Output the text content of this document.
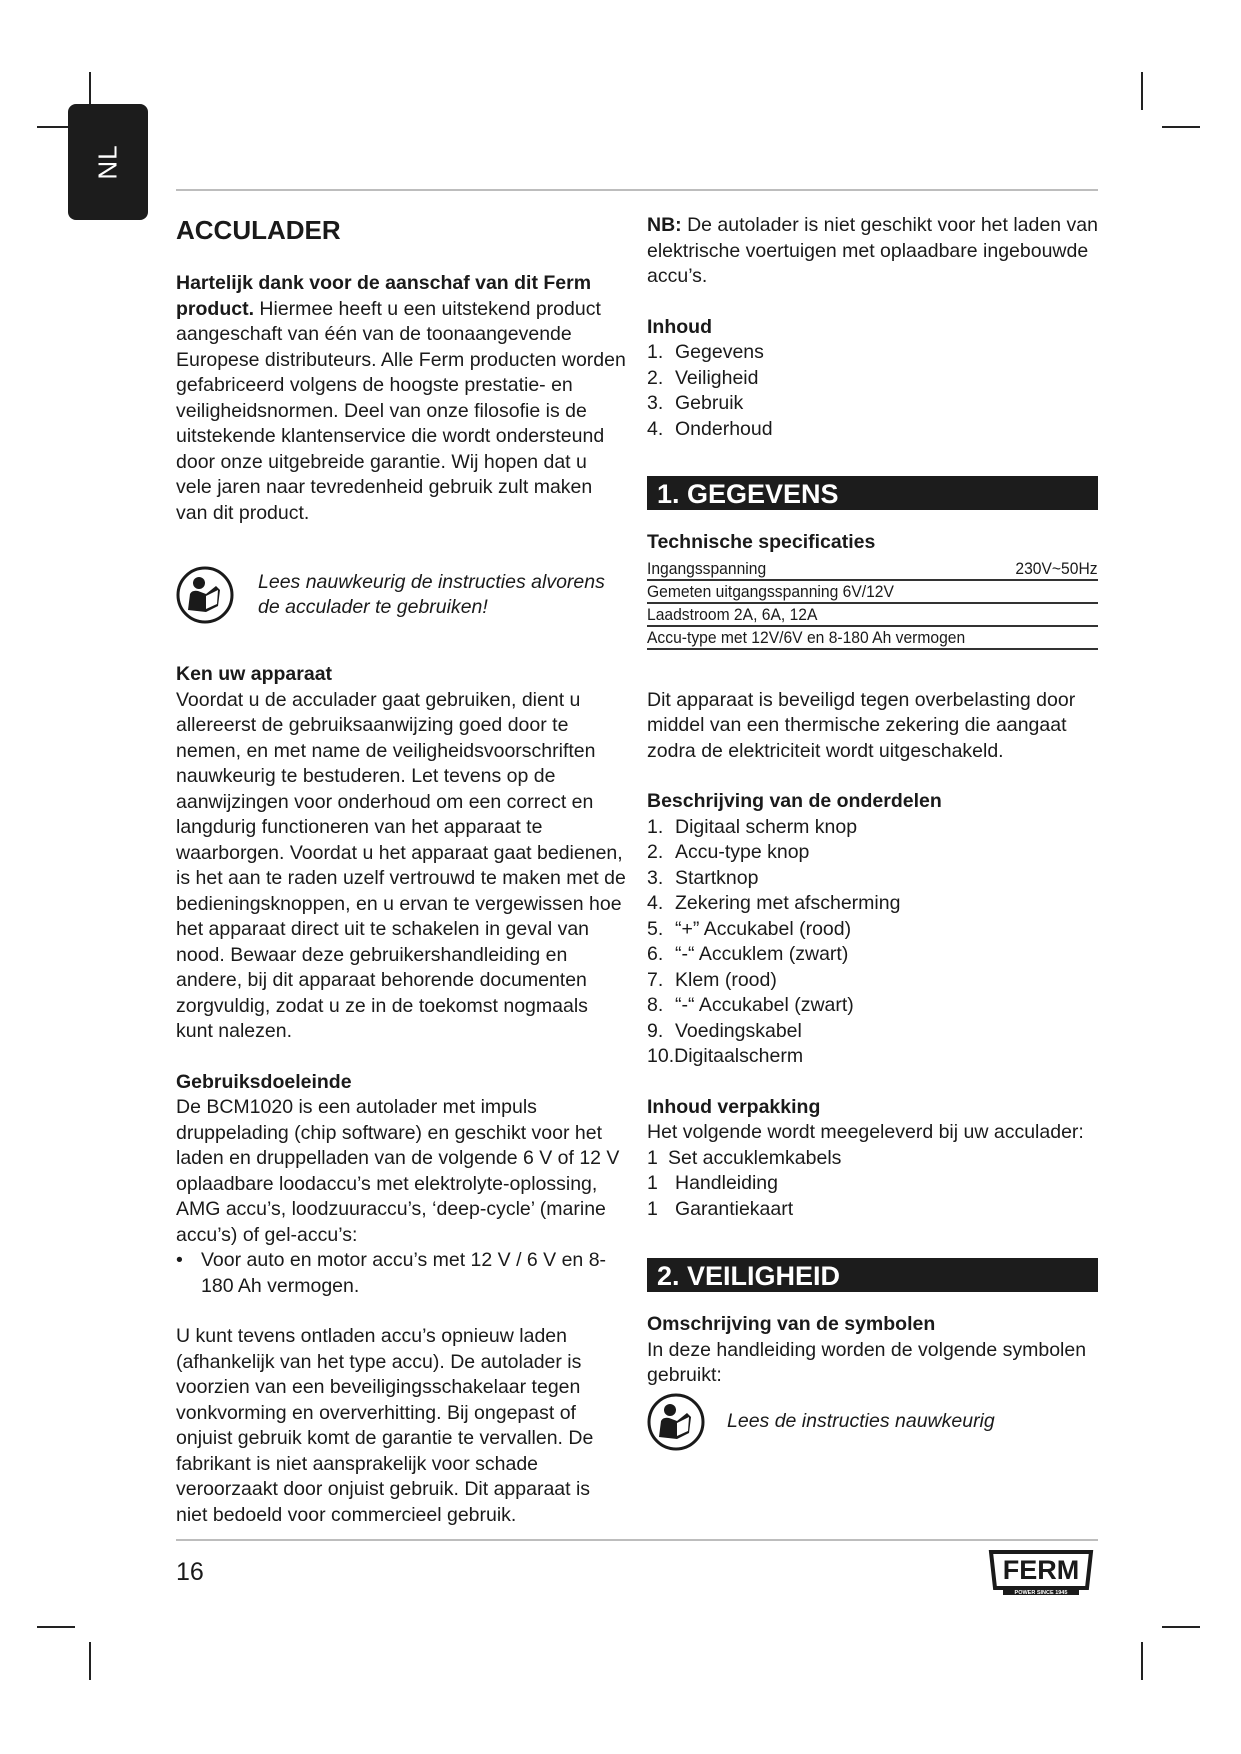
NL
ACCULADER

Hartelijk dank voor de aanschaf van dit Ferm product. Hiermee heeft u een uitstekend product aangeschaft van één van de toonaangevende Europese distributeurs. Alle Ferm producten worden gefabriceerd volgens de hoogste prestatie- en veiligheidsnormen. Deel van onze filosofie is de uitstekende klantenservice die wordt ondersteund door onze uitgebreide garantie. Wij hopen dat u vele jaren naar tevredenheid gebruik zult maken van dit product.

Lees nauwkeurig de instructies alvorens de acculader te gebruiken!
Ken uw apparaat

Voordat u de acculader gaat gebruiken, dient u allereerst de gebruiksaanwijzing goed door te nemen, en met name de veiligheidsvoorschriften nauwkeurig te bestuderen. Let tevens op de aanwijzingen voor onderhoud om een correct en langdurig functioneren van het apparaat te waarborgen. Voordat u het apparaat gaat bedienen, is het aan te raden uzelf vertrouwd te maken met de bedieningsknoppen, en u ervan te vergewissen hoe het apparaat direct uit te schakelen in geval van nood. Bewaar deze gebruikershandleiding en andere, bij dit apparaat behorende documenten zorgvuldig, zodat u ze in de toekomst nogmaals kunt nalezen.

Gebruiksdoeleinde

De BCM1020 is een autolader met impuls druppelading (chip software) en geschikt voor het laden en druppelladen van de volgende 6 V of 12 V oplaadbare loodaccu’s met elektrolyte-oplossing, AMG accu’s, loodzuuraccu’s, ‘deep-cycle’ (marine accu’s) of gel-accu’s:

• Voor auto en motor accu’s met 12 V / 6 V en 8-180 Ah vermogen.

U kunt tevens ontladen accu’s opnieuw laden (afhankelijk van het type accu). De autolader is voorzien van een beveiligingsschakelaar tegen vonkvorming en oververhitting. Bij ongepast of onjuist gebruik komt de garantie te vervallen. De fabrikant is niet aansprakelijk voor schade veroorzaakt door onjuist gebruik. Dit apparaat is niet bedoeld voor commercieel gebruik.

NB: De autolader is niet geschikt voor het laden van elektrische voertuigen met oplaadbare ingebouwde accu’s.

Inhoud
1. Gegevens
2. Veiligheid
3. Gebruik
4. Onderhoud
1. GEGEVENS
Technische specificaties
Ingangsspanning	230V~50Hz
Gemeten uitgangsspanning 6V/12V	
Laadstroom 2A, 6A, 12A	
Accu-type met 12V/6V en 8-180 Ah vermogen	

Dit apparaat is beveiligd tegen overbelasting door middel van een thermische zekering die aangaat zodra de elektriciteit wordt uitgeschakeld.

Beschrijving van de onderdelen
1. Digitaal scherm knop
2. Accu-type knop
3. Startknop
4. Zekering met afscherming
5. “+” Accukabel (rood)
6. “-“ Accuklem (zwart)
7. Klem (rood)
8. “-“ Accukabel (zwart)
9. Voedingskabel
10. Digitaalscherm
Inhoud verpakking

Het volgende wordt meegeleverd bij uw acculader:

1 Set accuklemkabels
1 Handleiding
1 Garantiekaart
2. VEILIGHEID
Omschrijving van de symbolen

In deze handleiding worden de volgende symbolen gebruikt:

Lees de instructies nauwkeurig
16	FERM
POWER SINCE 1945
